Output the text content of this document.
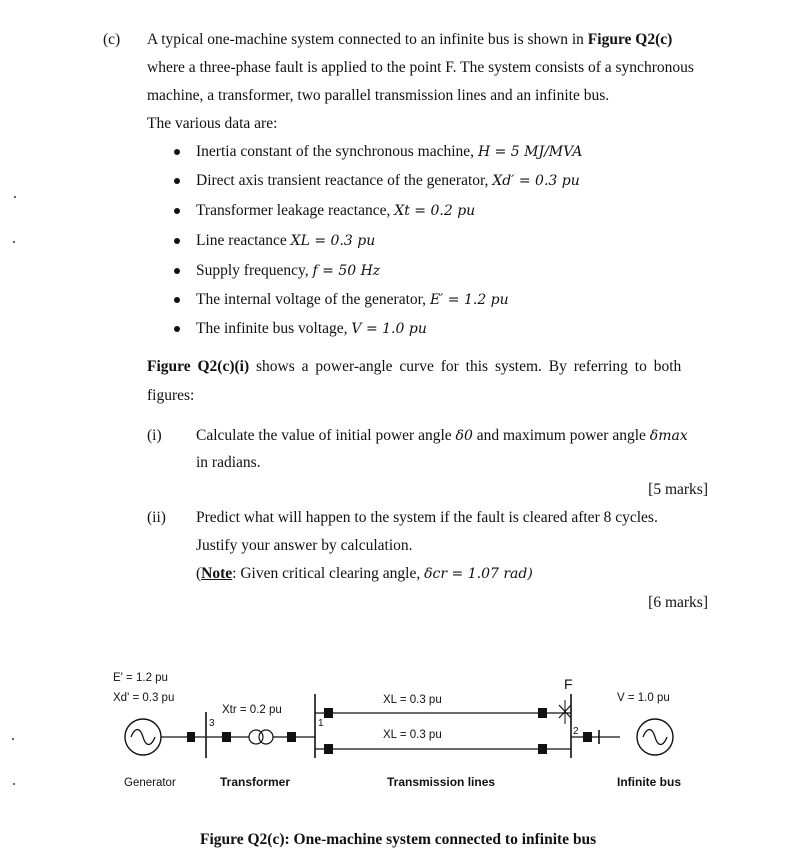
(c) A typical one-machine system connected to an infinite bus is shown in Figure Q2(c)
where a three-phase fault is applied to the point F. The system consists of a synchronous
machine, a transformer, two parallel transmission lines and an infinite bus.
The various data are:
Inertia constant of the synchronous machine, H = 5 MJ/MVA
Direct axis transient reactance of the generator, Xd′ = 0.3 pu
Transformer leakage reactance, Xt = 0.2 pu
Line reactance XL = 0.3 pu
Supply frequency, f = 50 Hz
The internal voltage of the generator, E′ = 1.2 pu
The infinite bus voltage, V = 1.0 pu
Figure Q2(c)(i) shows a power-angle curve for this system. By referring to both
figures:
(i) Calculate the value of initial power angle δ0 and maximum power angle δmax
in radians.
[5 marks]
(ii) Predict what will happen to the system if the fault is cleared after 8 cycles.
Justify your answer by calculation.
(Note: Given critical clearing angle, δcr = 1.07 rad)
[6 marks]
E' = 1.2 pu
Xd' = 0.3 pu
Xtr = 0.2 pu
XL = 0.3 pu
XL = 0.3 pu
F
V = 1.0 pu
3	1
2
Generator	Transformer	Transmission lines	Infinite bus
Figure Q2(c): One-machine system connected to infinite bus
